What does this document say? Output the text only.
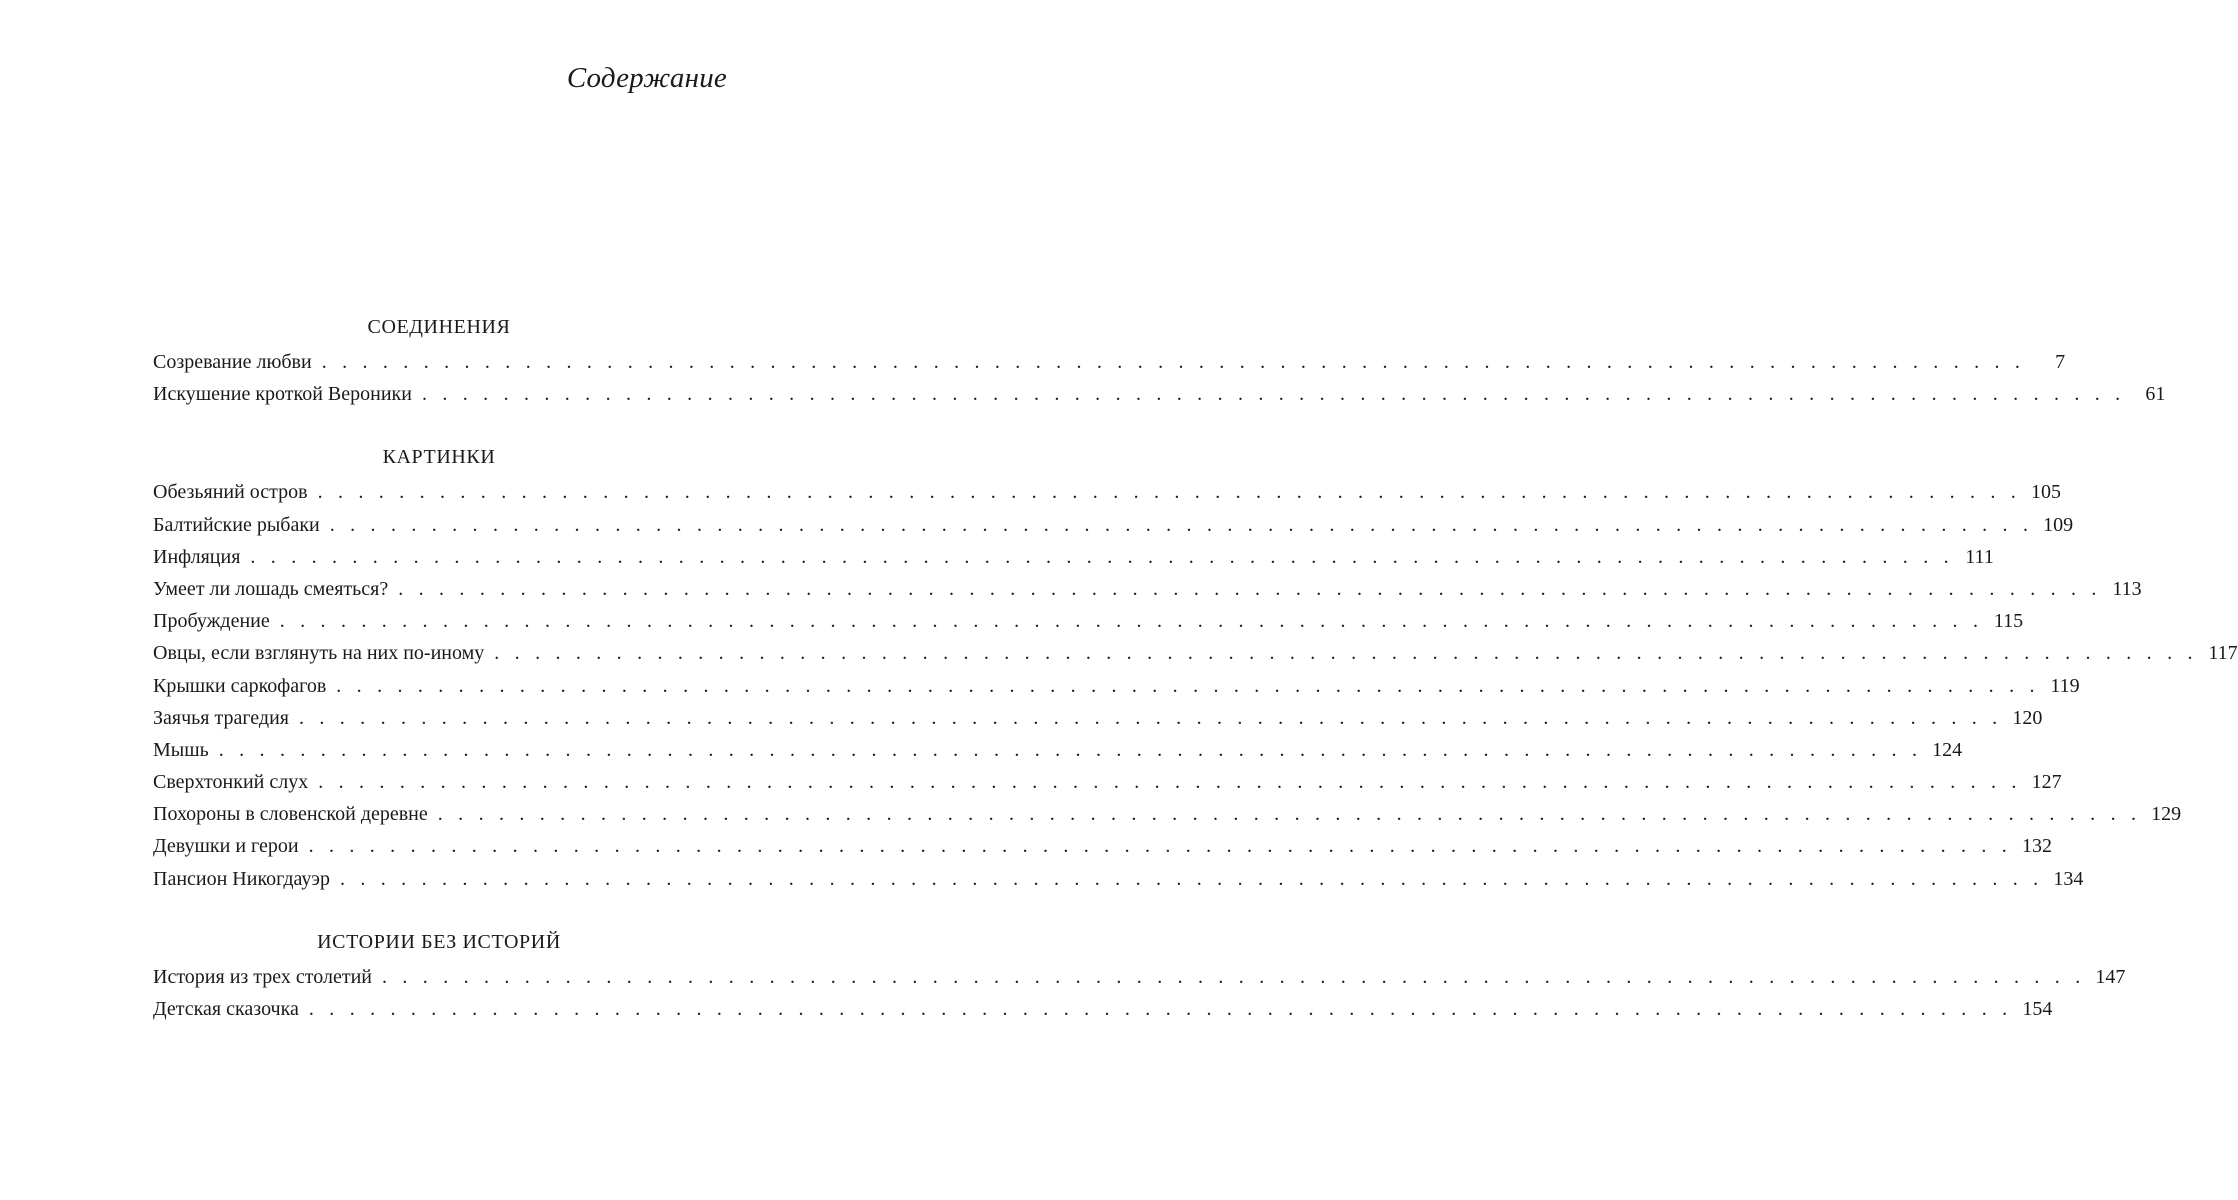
Содержание
СОЕДИНЕНИЯ
Созревание любви . . . . . . . . . . . . . . . . . . . . . . . . . . . . . . . . . . . . . . . . . . . . . . . . . . . . . . . . . . . . . . . . . . . . . . . . . . . . . . . . . . . .	7
Искушение кроткой Вероники . . . . . . . . . . . . . . . . . . . . . . . . . . . . . . . . . . . . . . . . . . . . . . . . . . . . . . . . . . . . . . . . . . . . . . . . . . . . . . . . . . . .	61
КАРТИНКИ
Обезьяний остров . . . . . . . . . . . . . . . . . . . . . . . . . . . . . . . . . . . . . . . . . . . . . . . . . . . . . . . . . . . . . . . . . . . . . . . . . . . . . . . . . . . . 105
Балтийские рыбаки . . . . . . . . . . . . . . . . . . . . . . . . . . . . . . . . . . . . . . . . . . . . . . . . . . . . . . . . . . . . . . . . . . . . . . . . . . . . . . . . . . . . 109
Инфляция . . . . . . . . . . . . . . . . . . . . . . . . . . . . . . . . . . . . . . . . . . . . . . . . . . . . . . . . . . . . . . . . . . . . . . . . . . . . . . . . . . . . 111
Умеет ли лошадь смеяться? . . . . . . . . . . . . . . . . . . . . . . . . . . . . . . . . . . . . . . . . . . . . . . . . . . . . . . . . . . . . . . . . . . . . . . . . . . . . . . . . . . . . 113
Пробуждение . . . . . . . . . . . . . . . . . . . . . . . . . . . . . . . . . . . . . . . . . . . . . . . . . . . . . . . . . . . . . . . . . . . . . . . . . . . . . . . . . . . . 115
Овцы, если взглянуть на них по-иному . . . . . . . . . . . . . . . . . . . . . . . . . . . . . . . . . . . . . . . . . . . . . . . . . . . . . . . . . . . . . . . . . . . . . . . . . . . . . . . . . . . . 117
Крышки саркофагов . . . . . . . . . . . . . . . . . . . . . . . . . . . . . . . . . . . . . . . . . . . . . . . . . . . . . . . . . . . . . . . . . . . . . . . . . . . . . . . . . . . . 119
Заячья трагедия . . . . . . . . . . . . . . . . . . . . . . . . . . . . . . . . . . . . . . . . . . . . . . . . . . . . . . . . . . . . . . . . . . . . . . . . . . . . . . . . . . . . 120
Мышь . . . . . . . . . . . . . . . . . . . . . . . . . . . . . . . . . . . . . . . . . . . . . . . . . . . . . . . . . . . . . . . . . . . . . . . . . . . . . . . . . . . . 124
Сверхтонкий слух . . . . . . . . . . . . . . . . . . . . . . . . . . . . . . . . . . . . . . . . . . . . . . . . . . . . . . . . . . . . . . . . . . . . . . . . . . . . . . . . . . . . 127
Похороны в словенской деревне . . . . . . . . . . . . . . . . . . . . . . . . . . . . . . . . . . . . . . . . . . . . . . . . . . . . . . . . . . . . . . . . . . . . . . . . . . . . . . . . . . . . 129
Девушки и герои . . . . . . . . . . . . . . . . . . . . . . . . . . . . . . . . . . . . . . . . . . . . . . . . . . . . . . . . . . . . . . . . . . . . . . . . . . . . . . . . . . . . 132
Пансион Никогдауэр . . . . . . . . . . . . . . . . . . . . . . . . . . . . . . . . . . . . . . . . . . . . . . . . . . . . . . . . . . . . . . . . . . . . . . . . . . . . . . . . . . . . 134
ИСТОРИИ БЕЗ ИСТОРИЙ
История из трех столетий . . . . . . . . . . . . . . . . . . . . . . . . . . . . . . . . . . . . . . . . . . . . . . . . . . . . . . . . . . . . . . . . . . . . . . . . . . . . . . . . . . . . 147
Детская сказочка . . . . . . . . . . . . . . . . . . . . . . . . . . . . . . . . . . . . . . . . . . . . . . . . . . . . . . . . . . . . . . . . . . . . . . . . . . . . . . . . . . . . 154
